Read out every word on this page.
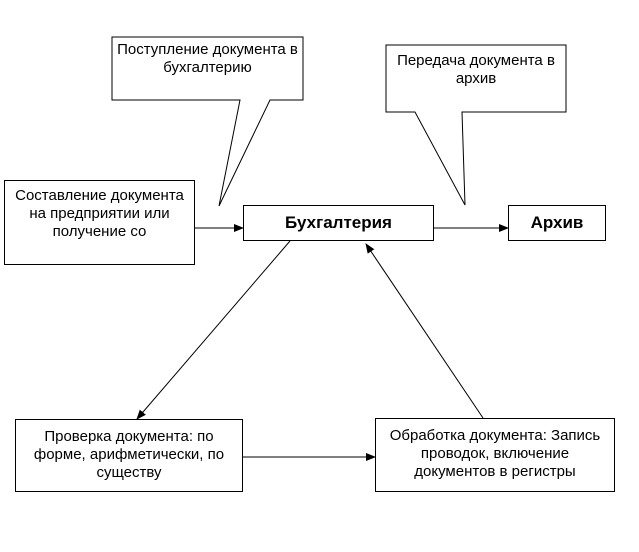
Поступление документа в бухгалтерию	Передача документа в архив
Составление документа на предприятии или получение со	Бухгалтерия	Архив
Проверка документа: по форме, арифметически, по существу
Обработка документа: Запись проводок, включение документов в регистры
